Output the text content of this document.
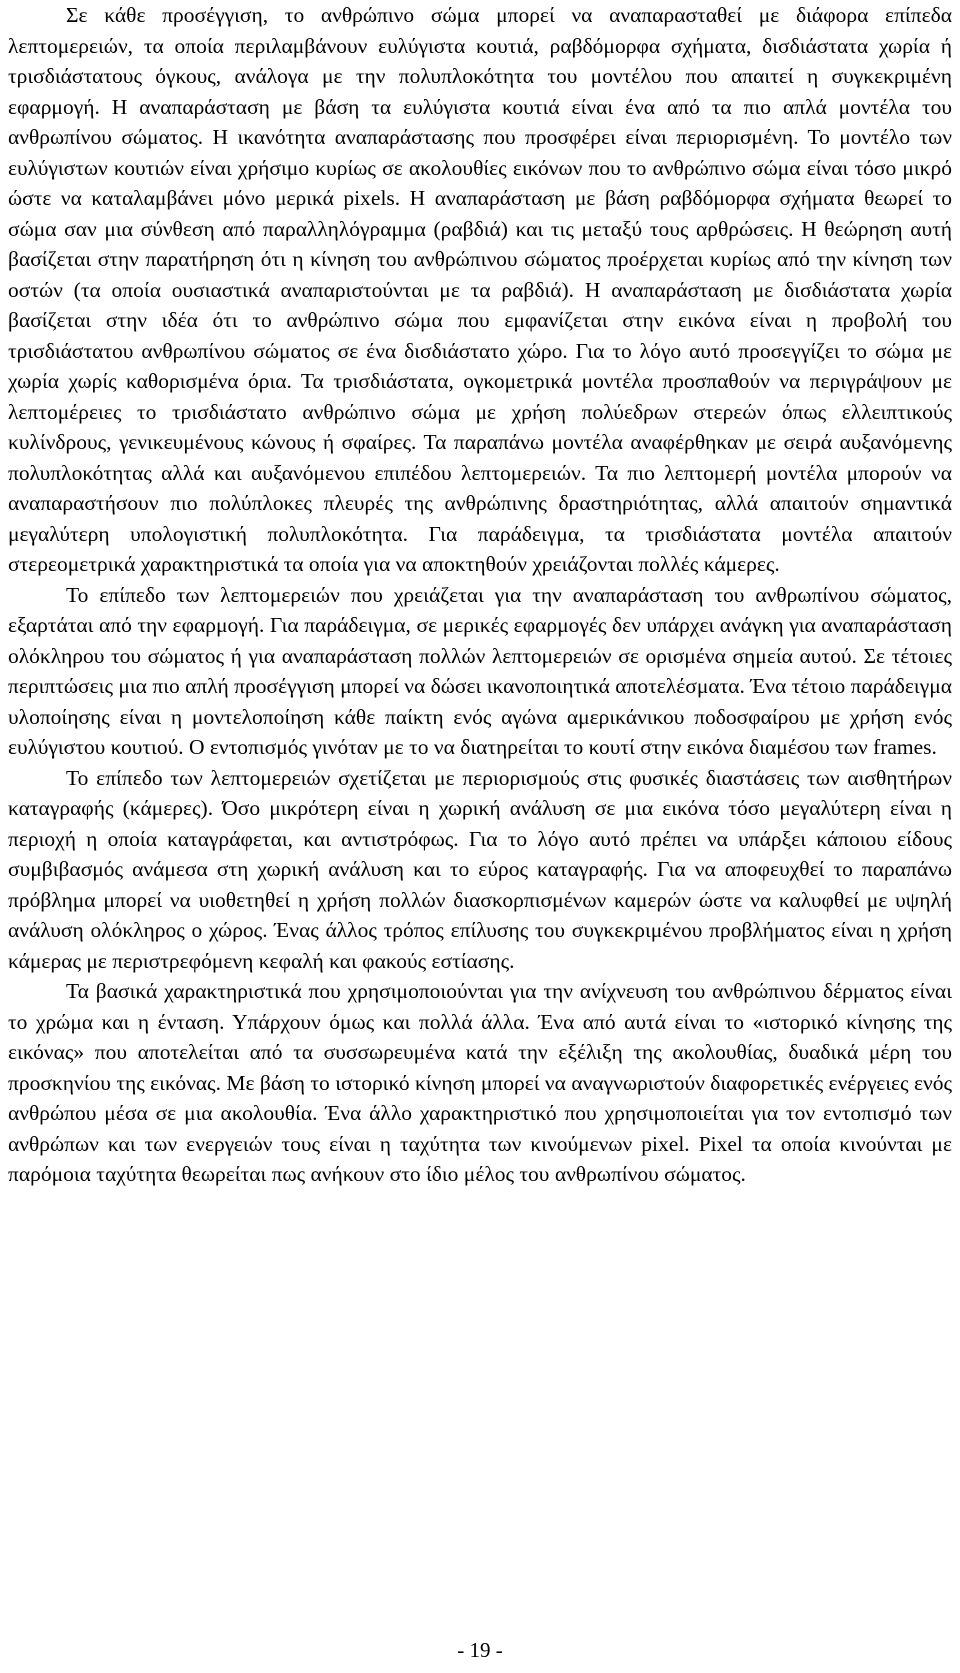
Σε κάθε προσέγγιση, το ανθρώπινο σώμα μπορεί να αναπαρασταθεί με διάφορα επίπεδα λεπτομερειών, τα οποία περιλαμβάνουν ευλύγιστα κουτιά, ραβδόμορφα σχήματα, δισδιάστατα χωρία ή τρισδιάστατους όγκους, ανάλογα με την πολυπλοκότητα του μοντέλου που απαιτεί η συγκεκριμένη εφαρμογή. Η αναπαράσταση με βάση τα ευλύγιστα κουτιά είναι ένα από τα πιο απλά μοντέλα του ανθρωπίνου σώματος. Η ικανότητα αναπαράστασης που προσφέρει είναι περιορισμένη. Το μοντέλο των ευλύγιστων κουτιών είναι χρήσιμο κυρίως σε ακολουθίες εικόνων που το ανθρώπινο σώμα είναι τόσο μικρό ώστε να καταλαμβάνει μόνο μερικά pixels. Η αναπαράσταση με βάση ραβδόμορφα σχήματα θεωρεί το σώμα σαν μια σύνθεση από παραλληλόγραμμα (ραβδιά) και τις μεταξύ τους αρθρώσεις. Η θεώρηση αυτή βασίζεται στην παρατήρηση ότι η κίνηση του ανθρώπινου σώματος προέρχεται κυρίως από την κίνηση των οστών (τα οποία ουσιαστικά αναπαριστούνται με τα ραβδιά). Η αναπαράσταση με δισδιάστατα χωρία βασίζεται στην ιδέα ότι το ανθρώπινο σώμα που εμφανίζεται στην εικόνα είναι η προβολή του τρισδιάστατου ανθρωπίνου σώματος σε ένα δισδιάστατο χώρο. Για το λόγο αυτό προσεγγίζει το σώμα με χωρία χωρίς καθορισμένα όρια. Τα τρισδιάστατα, ογκομετρικά μοντέλα προσπαθούν να περιγράψουν με λεπτομέρειες το τρισδιάστατο ανθρώπινο σώμα με χρήση πολύεδρων στερεών όπως ελλειπτικούς κυλίνδρους, γενικευμένους κώνους ή σφαίρες. Τα παραπάνω μοντέλα αναφέρθηκαν με σειρά αυξανόμενης πολυπλοκότητας αλλά και αυξανόμενου επιπέδου λεπτομερειών. Τα πιο λεπτομερή μοντέλα μπορούν να αναπαραστήσουν πιο πολύπλοκες πλευρές της ανθρώπινης δραστηριότητας, αλλά απαιτούν σημαντικά μεγαλύτερη υπολογιστική πολυπλοκότητα. Για παράδειγμα, τα τρισδιάστατα μοντέλα απαιτούν στερεομετρικά χαρακτηριστικά τα οποία για να αποκτηθούν χρειάζονται πολλές κάμερες.

Το επίπεδο των λεπτομερειών που χρειάζεται για την αναπαράσταση του ανθρωπίνου σώματος, εξαρτάται από την εφαρμογή. Για παράδειγμα, σε μερικές εφαρμογές δεν υπάρχει ανάγκη για αναπαράσταση ολόκληρου του σώματος ή για αναπαράσταση πολλών λεπτομερειών σε ορισμένα σημεία αυτού. Σε τέτοιες περιπτώσεις μια πιο απλή προσέγγιση μπορεί να δώσει ικανοποιητικά αποτελέσματα. Ένα τέτοιο παράδειγμα υλοποίησης είναι η μοντελοποίηση κάθε παίκτη ενός αγώνα αμερικάνικου ποδοσφαίρου με χρήση ενός ευλύγιστου κουτιού. Ο εντοπισμός γινόταν με το να διατηρείται το κουτί στην εικόνα διαμέσου των frames.

Το επίπεδο των λεπτομερειών σχετίζεται με περιορισμούς στις φυσικές διαστάσεις των αισθητήρων καταγραφής (κάμερες). Όσο μικρότερη είναι η χωρική ανάλυση σε μια εικόνα τόσο μεγαλύτερη είναι η περιοχή η οποία καταγράφεται, και αντιστρόφως. Για το λόγο αυτό πρέπει να υπάρξει κάποιου είδους συμβιβασμός ανάμεσα στη χωρική ανάλυση και το εύρος καταγραφής. Για να αποφευχθεί το παραπάνω πρόβλημα μπορεί να υιοθετηθεί η χρήση πολλών διασκορπισμένων καμερών ώστε να καλυφθεί με υψηλή ανάλυση ολόκληρος ο χώρος. Ένας άλλος τρόπος επίλυσης του συγκεκριμένου προβλήματος είναι η χρήση κάμερας με περιστρεφόμενη κεφαλή και φακούς εστίασης.

Τα βασικά χαρακτηριστικά που χρησιμοποιούνται για την ανίχνευση του ανθρώπινου δέρματος είναι το χρώμα και η ένταση. Υπάρχουν όμως και πολλά άλλα. Ένα από αυτά είναι το «ιστορικό κίνησης της εικόνας» που αποτελείται από τα συσσωρευμένα κατά την εξέλιξη της ακολουθίας, δυαδικά μέρη του προσκηνίου της εικόνας. Με βάση το ιστορικό κίνηση μπορεί να αναγνωριστούν διαφορετικές ενέργειες ενός ανθρώπου μέσα σε μια ακολουθία. Ένα άλλο χαρακτηριστικό που χρησιμοποιείται για τον εντοπισμό των ανθρώπων και των ενεργειών τους είναι η ταχύτητα των κινούμενων pixel. Pixel τα οποία κινούνται με παρόμοια ταχύτητα θεωρείται πως ανήκουν στο ίδιο μέλος του ανθρωπίνου σώματος.

- 19 -
